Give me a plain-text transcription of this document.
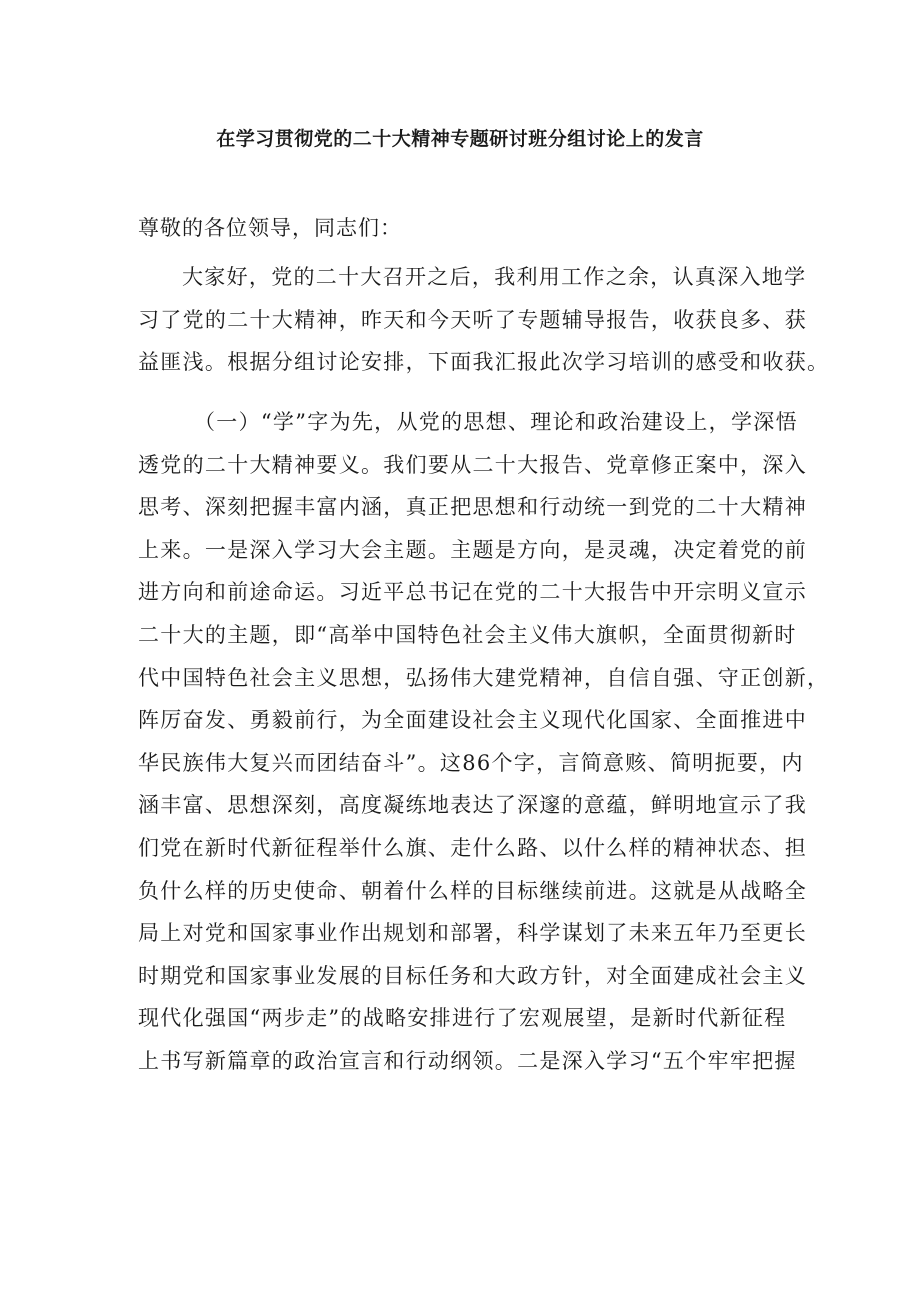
在学习贯彻党的二十大精神专题研讨班分组讨论上的发言
尊敬的各位领导，同志们：
大家好，党的二十大召开之后，我利用工作之余，认真深入地学
习了党的二十大精神，昨天和今天听了专题辅导报告，收获良多、获
益匪浅。根据分组讨论安排，下面我汇报此次学习培训的感受和收获。
（一）“学”字为先，从党的思想、理论和政治建设上，学深悟
透党的二十大精神要义。我们要从二十大报告、党章修正案中，深入
思考、深刻把握丰富内涵，真正把思想和行动统一到党的二十大精神
上来。一是深入学习大会主题。主题是方向，是灵魂，决定着党的前
进方向和前途命运。习近平总书记在党的二十大报告中开宗明义宣示
二十大的主题，即“高举中国特色社会主义伟大旗帜，全面贯彻新时
代中国特色社会主义思想，弘扬伟大建党精神，自信自强、守正创新，
阵厉奋发、勇毅前行，为全面建设社会主义现代化国家、全面推进中
华民族伟大复兴而团结奋斗”。这86个字，言简意赅、简明扼要，内
涵丰富、思想深刻，高度凝练地表达了深邃的意蕴，鲜明地宣示了我
们党在新时代新征程举什么旗、走什么路、以什么样的精神状态、担
负什么样的历史使命、朝着什么样的目标继续前进。这就是从战略全
局上对党和国家事业作出规划和部署，科学谋划了未来五年乃至更长
时期党和国家事业发展的目标任务和大政方针，对全面建成社会主义
现代化强国“两步走”的战略安排进行了宏观展望，是新时代新征程
上书写新篇章的政治宣言和行动纲领。二是深入学习“五个牢牢把握
